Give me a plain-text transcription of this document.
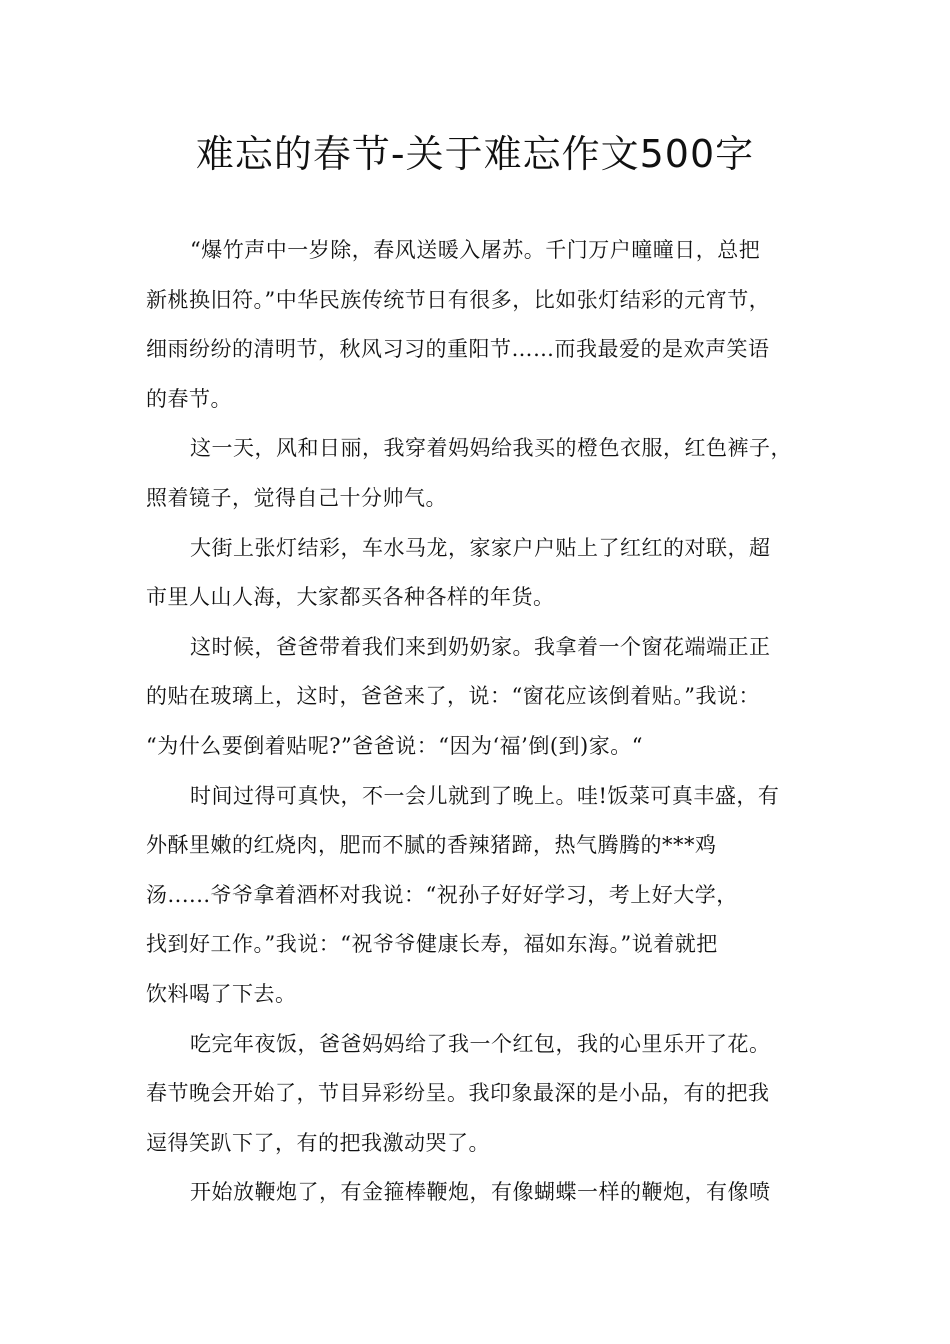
难忘的春节-关于难忘作文500字
“爆竹声中一岁除，春风送暖入屠苏。千门万户曈曈日，总把
新桃换旧符。”中华民族传统节日有很多，比如张灯结彩的元宵节，
细雨纷纷的清明节，秋风习习的重阳节……而我最爱的是欢声笑语
的春节。
这一天，风和日丽，我穿着妈妈给我买的橙色衣服，红色裤子，
照着镜子，觉得自己十分帅气。
大街上张灯结彩，车水马龙，家家户户贴上了红红的对联，超
市里人山人海，大家都买各种各样的年货。
这时候，爸爸带着我们来到奶奶家。我拿着一个窗花端端正正
的贴在玻璃上，这时，爸爸来了，说：“窗花应该倒着贴。”我说：
“为什么要倒着贴呢?”爸爸说：“因为‘福’倒(到)家。“
时间过得可真快，不一会儿就到了晚上。哇!饭菜可真丰盛，有
外酥里嫩的红烧肉，肥而不腻的香辣猪蹄，热气腾腾的***鸡
汤......爷爷拿着酒杯对我说：“祝孙子好好学习，考上好大学，
找到好工作。”我说：“祝爷爷健康长寿，福如东海。”说着就把
饮料喝了下去。
吃完年夜饭，爸爸妈妈给了我一个红包，我的心里乐开了花。
春节晚会开始了，节目异彩纷呈。我印象最深的是小品，有的把我
逗得笑趴下了，有的把我激动哭了。
开始放鞭炮了，有金箍棒鞭炮，有像蝴蝶一样的鞭炮，有像喷
